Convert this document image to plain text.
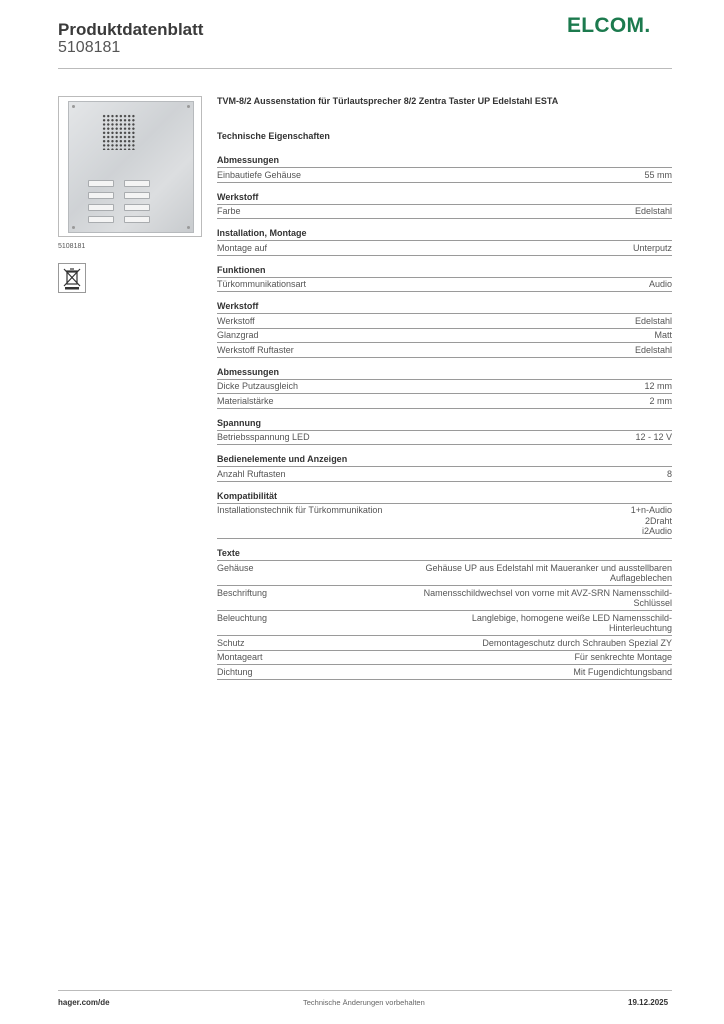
Produktdatenblatt
5108181
ELCOM.
5108181
TVM-8/2 Aussenstation für Türlautsprecher 8/2 Zentra Taster UP Edelstahl ESTA
Technische Eigenschaften
Abmessungen
Einbautiefe Gehäuse	55 mm
Werkstoff
Farbe	Edelstahl
Installation, Montage
Montage auf	Unterputz
Funktionen
Türkommunikationsart	Audio
Werkstoff
Werkstoff	Edelstahl
Glanzgrad	Matt
Werkstoff Ruftaster	Edelstahl
Abmessungen
Dicke Putzausgleich	12 mm
Materialstärke	2 mm
Spannung
Betriebsspannung LED	12 - 12 V
Bedienelemente und Anzeigen
Anzahl Ruftasten	8
Kompatibilität
Installationstechnik für Türkommunikation	1+n-Audio
2Draht
i2Audio
Texte
Gehäuse	Gehäuse UP aus Edelstahl mit Maueranker und ausstellbaren
Auflageblechen
Beschriftung	Namensschildwechsel von vorne mit AVZ-SRN Namensschild-
Schlüssel
Beleuchtung	Langlebige, homogene weiße LED Namensschild-
Hinterleuchtung
Schutz	Demontageschutz durch Schrauben Spezial ZY
Montageart	Für senkrechte Montage
Dichtung	Mit Fugendichtungsband
hager.com/de	Technische Änderungen vorbehalten	19.12.2025
